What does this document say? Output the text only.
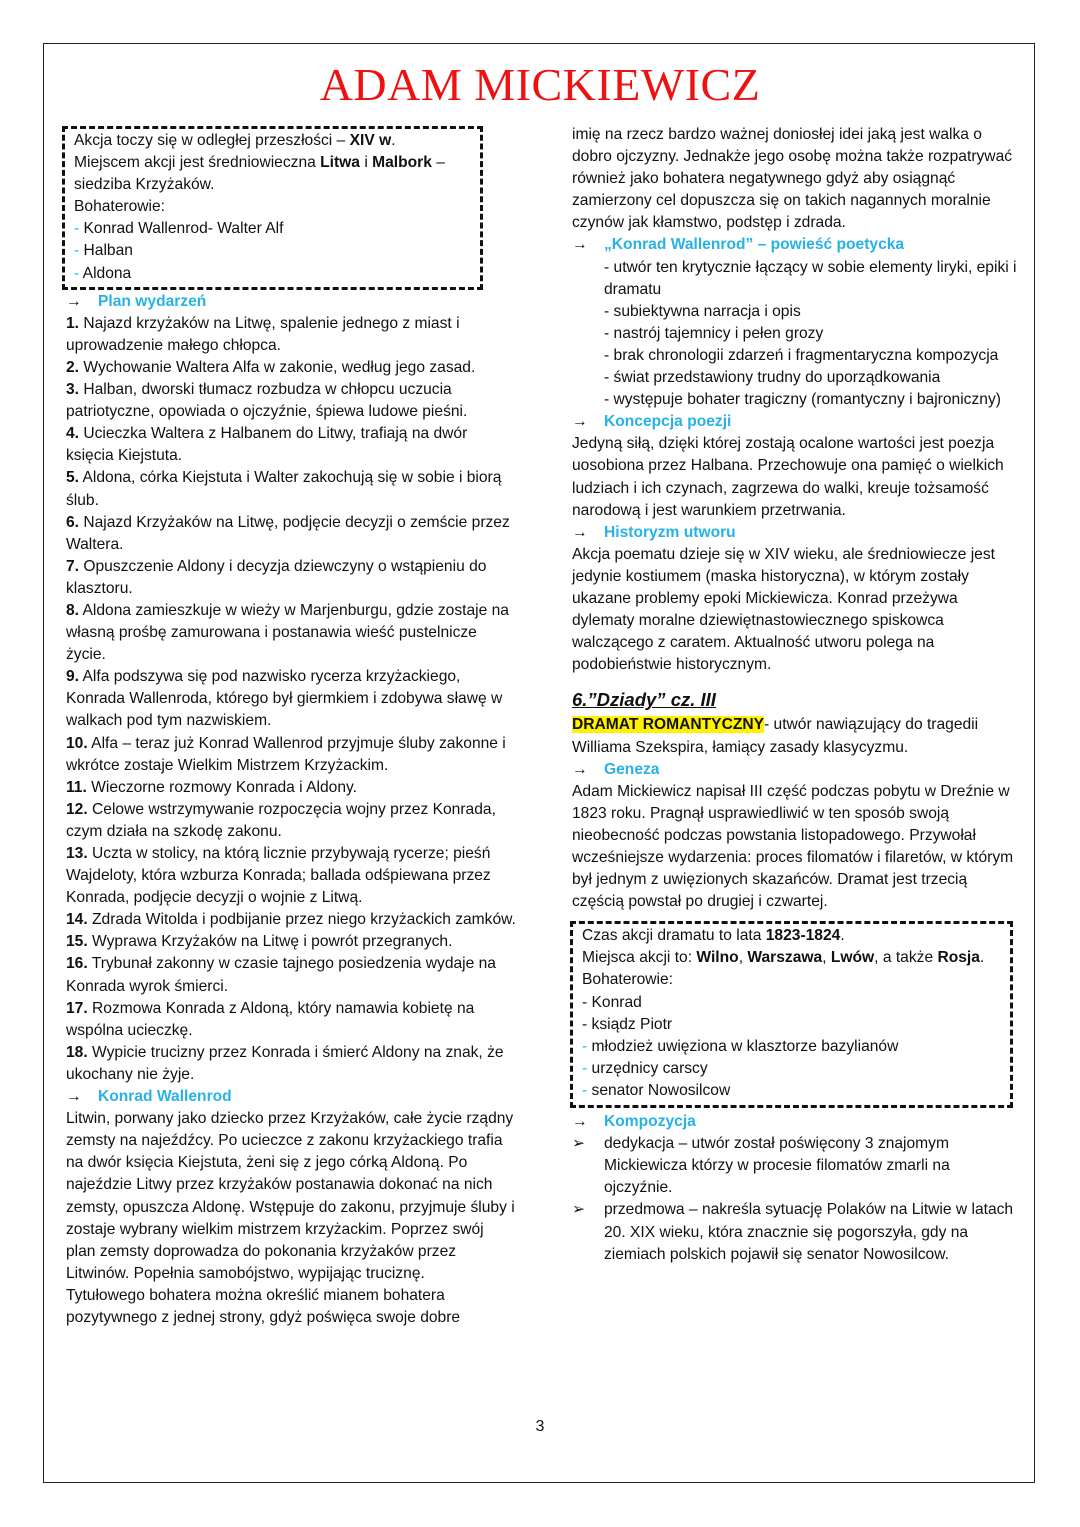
ADAM MICKIEWICZ

Akcja toczy się w odległej przeszłości – XIV w.

Miejscem akcji jest średniowieczna Litwa i Malbork – siedziba Krzyżaków.

Bohaterowie:

- Konrad Wallenrod- Walter Alf

- Halban

- Aldona

→ Plan wydarzeń

1. Najazd krzyżaków na Litwę, spalenie jednego z miast i uprowadzenie małego chłopca.

2. Wychowanie Waltera Alfa w zakonie, według jego zasad.

3. Halban, dworski tłumacz rozbudza w chłopcu uczucia patriotyczne, opowiada o ojczyźnie, śpiewa ludowe pieśni.

4. Ucieczka Waltera z Halbanem do Litwy, trafiają na dwór księcia Kiejstuta.

5. Aldona, córka Kiejstuta i Walter zakochują się w sobie i biorą ślub.

6. Najazd Krzyżaków na Litwę, podjęcie decyzji o zemście przez Waltera.

7. Opuszczenie Aldony i decyzja dziewczyny o wstąpieniu do klasztoru.

8. Aldona zamieszkuje w wieży w Marjenburgu, gdzie zostaje na własną prośbę zamurowana i postanawia wieść pustelnicze życie.

9. Alfa podszywa się pod nazwisko rycerza krzyżackiego, Konrada Wallenroda, którego był giermkiem i zdobywa sławę w walkach pod tym nazwiskiem.

10. Alfa – teraz już Konrad Wallenrod przyjmuje śluby zakonne i wkrótce zostaje Wielkim Mistrzem Krzyżackim.

11. Wieczorne rozmowy Konrada i Aldony.

12. Celowe wstrzymywanie rozpoczęcia wojny przez Konrada, czym działa na szkodę zakonu.

13. Uczta w stolicy, na którą licznie przybywają rycerze; pieśń Wajdeloty, która wzburza Konrada; ballada odśpiewana przez Konrada, podjęcie decyzji o wojnie z Litwą.

14. Zdrada Witolda i podbijanie przez niego krzyżackich zamków.

15. Wyprawa Krzyżaków na Litwę i powrót przegranych.

16. Trybunał zakonny w czasie tajnego posiedzenia wydaje na Konrada wyrok śmierci.

17. Rozmowa Konrada z Aldoną, który namawia kobietę na wspólna ucieczkę.

18. Wypicie trucizny przez Konrada i śmierć Aldony na znak, że ukochany nie żyje.

→ Konrad Wallenrod

Litwin, porwany jako dziecko przez Krzyżaków, całe życie rządny zemsty na najeźdźcy. Po ucieczce z zakonu krzyżackiego trafia na dwór księcia Kiejstuta, żeni się z jego córką Aldoną. Po najeździe Litwy przez krzyżaków postanawia dokonać na nich zemsty, opuszcza Aldonę. Wstępuje do zakonu, przyjmuje śluby i zostaje wybrany wielkim mistrzem krzyżackim. Poprzez swój plan zemsty doprowadza do pokonania krzyżaków przez Litwinów. Popełnia samobójstwo, wypijając truciznę.

Tytułowego bohatera można określić mianem bohatera pozytywnego z jednej strony, gdyż poświęca swoje dobre

imię na rzecz bardzo ważnej doniosłej idei jaką jest walka o dobro ojczyzny. Jednakże jego osobę można także rozpatrywać również jako bohatera negatywnego gdyż aby osiągnąć zamierzony cel dopuszcza się on takich nagannych moralnie czynów jak kłamstwo, podstęp i zdrada.

→ „Konrad Wallenrod” – powieść poetycka

- utwór ten krytycznie łączący w sobie elementy liryki, epiki i dramatu

- subiektywna narracja i opis

- nastrój tajemnicy i pełen grozy

- brak chronologii zdarzeń i fragmentaryczna kompozycja

- świat przedstawiony trudny do uporządkowania

- występuje bohater tragiczny (romantyczny i bajroniczny)

→ Koncepcja poezji

Jedyną siłą, dzięki której zostają ocalone wartości jest poezja uosobiona przez Halbana. Przechowuje ona pamięć o wielkich ludziach i ich czynach, zagrzewa do walki, kreuje tożsamość narodową i jest warunkiem przetrwania.

→ Historyzm utworu

Akcja poematu dzieje się w XIV wieku, ale średniowiecze jest jedynie kostiumem (maska historyczna), w którym zostały ukazane problemy epoki Mickiewicza. Konrad przeżywa dylematy moralne dziewiętnastowiecznego spiskowca walczącego z caratem. Aktualność utworu polega na podobieństwie historycznym.

6.”Dziady” cz. III

DRAMAT ROMANTYCZNY- utwór nawiązujący do tragedii Williama Szekspira, łamiący zasady klasycyzmu.

→ Geneza

Adam Mickiewicz napisał III część podczas pobytu w Dreźnie w 1823 roku. Pragnął usprawiedliwić w ten sposób swoją nieobecność podczas powstania listopadowego. Przywołał wcześniejsze wydarzenia: proces filomatów i filaretów, w którym był jednym z uwięzionych skazańców. Dramat jest trzecią częścią powstał po drugiej i czwartej.

Czas akcji dramatu to lata 1823-1824.

Miejsca akcji to: Wilno, Warszawa, Lwów, a także Rosja.

Bohaterowie:

- Konrad

- ksiądz Piotr

- młodzież uwięziona w klasztorze bazylianów

- urzędnicy carscy

- senator Nowosilcow

→ Kompozycja

➢	dedykacja – utwór został poświęcony 3 znajomym Mickiewicza którzy w procesie filomatów zmarli na ojczyźnie.
➢	przedmowa – nakreśla sytuację Polaków na Litwie w latach 20. XIX wieku, która znacznie się pogorszyła, gdy na ziemiach polskich pojawił się senator Nowosilcow.
3
